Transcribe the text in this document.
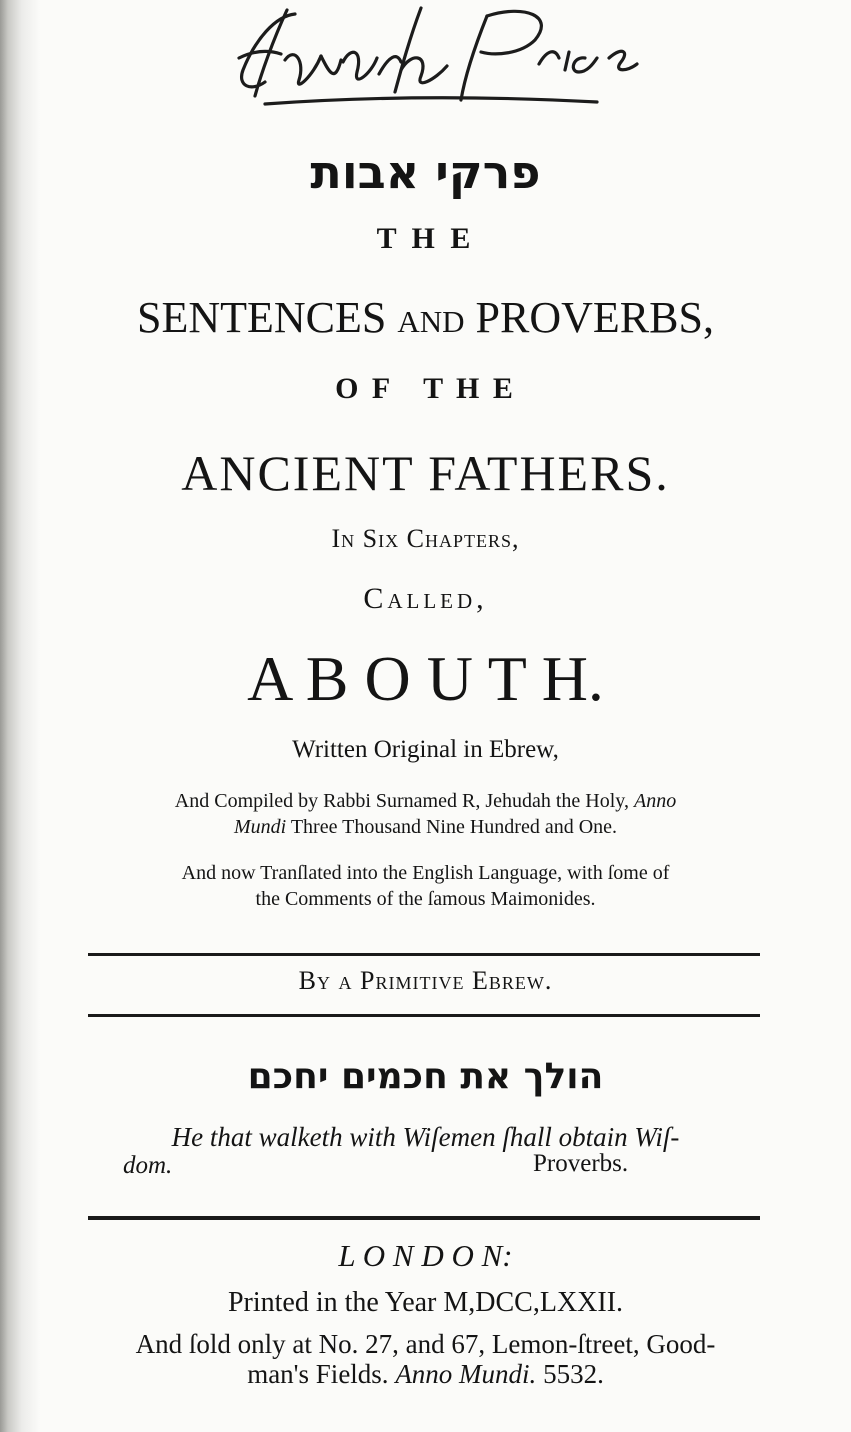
פרקי אבות
T H E
SENTENCES and PROVERBS,
O F   T H E
ANCIENT FATHERS.
In Six Chapters,
Called,
A B O U T H.
Written Original in Ebrew,
And Compiled by Rabbi Surnamed R, Jehudah the Holy, Anno
Mundi Three Thousand Nine Hundred and One.
And now Tranſlated into the English Language, with ſome of
the Comments of the ſamous Maimonides.
By a Primitive Ebrew.
הולך את חכמים יחכם
He that walketh with Wiſemen ſhall obtain Wiſ-
dom.	Proverbs.
L O N D O N:
Printed in the Year M,DCC,LXXII.
And ſold only at No. 27, and 67, Lemon-ſtreet, Good-
man's Fields. Anno Mundi. 5532.
